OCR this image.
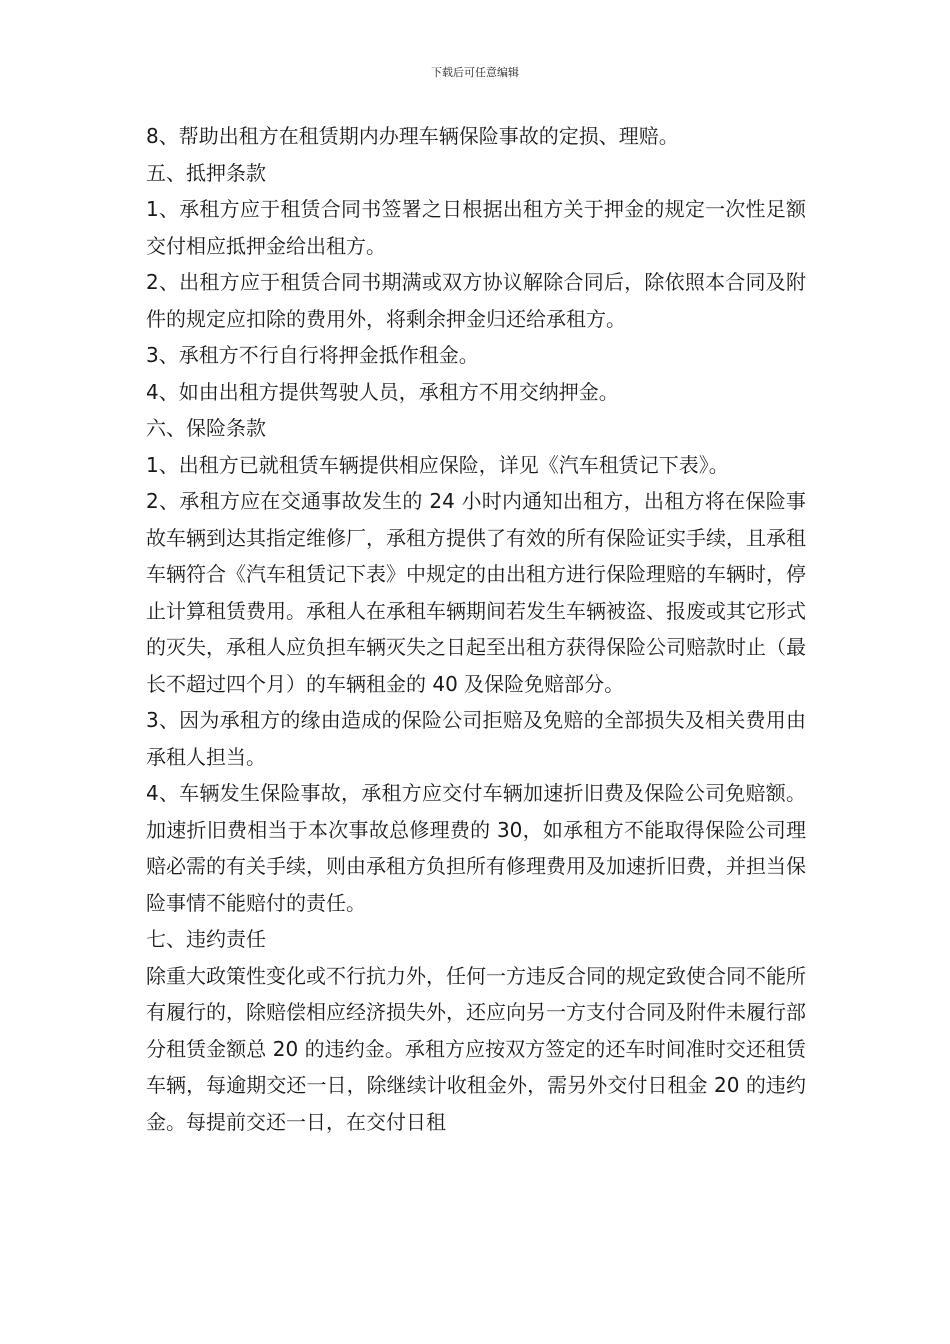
下载后可任意编辑

8、帮助出租方在租赁期内办理车辆保险事故的定损、理赔。

五、抵押条款

1、承租方应于租赁合同书签署之日根据出租方关于押金的规定一次性足额交付相应抵押金给出租方。

2、出租方应于租赁合同书期满或双方协议解除合同后，除依照本合同及附件的规定应扣除的费用外，将剩余押金归还给承租方。

3、承租方不行自行将押金抵作租金。

4、如由出租方提供驾驶人员，承租方不用交纳押金。

六、保险条款

1、出租方已就租赁车辆提供相应保险，详见《汽车租赁记下表》。

2、承租方应在交通事故发生的 24 小时内通知出租方，出租方将在保险事故车辆到达其指定维修厂，承租方提供了有效的所有保险证实手续，且承租车辆符合《汽车租赁记下表》中规定的由出租方进行保险理赔的车辆时，停止计算租赁费用。承租人在承租车辆期间若发生车辆被盗、报废或其它形式的灭失，承租人应负担车辆灭失之日起至出租方获得保险公司赔款时止（最长不超过四个月）的车辆租金的 40 及保险免赔部分。

3、因为承租方的缘由造成的保险公司拒赔及免赔的全部损失及相关费用由承租人担当。

4、车辆发生保险事故，承租方应交付车辆加速折旧费及保险公司免赔额。加速折旧费相当于本次事故总修理费的 30，如承租方不能取得保险公司理赔必需的有关手续，则由承租方负担所有修理费用及加速折旧费，并担当保险事情不能赔付的责任。

七、违约责任

除重大政策性变化或不行抗力外，任何一方违反合同的规定致使合同不能所有履行的，除赔偿相应经济损失外，还应向另一方支付合同及附件未履行部分租赁金额总 20 的违约金。承租方应按双方签定的还车时间准时交还租赁车辆，每逾期交还一日，除继续计收租金外，需另外交付日租金 20 的违约金。每提前交还一日，在交付日租
